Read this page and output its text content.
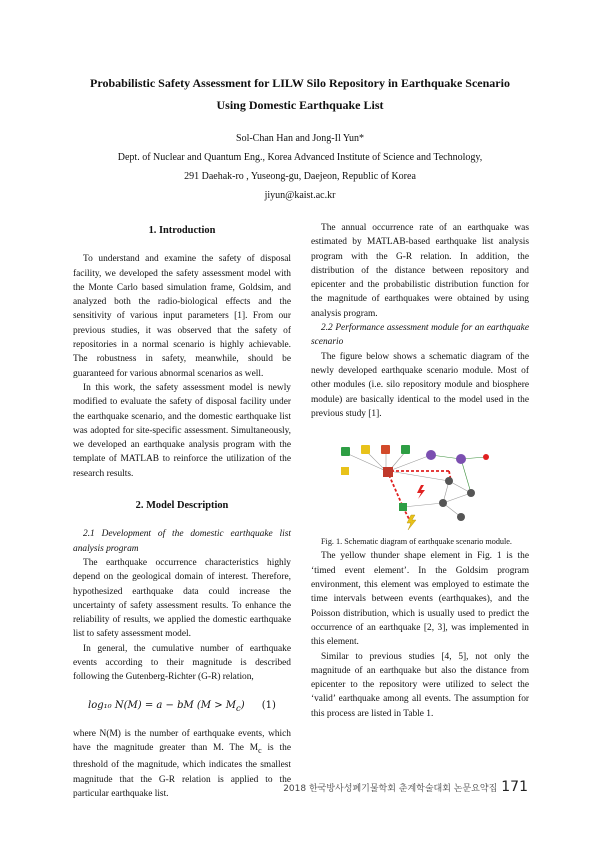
Probabilistic Safety Assessment for LILW Silo Repository in Earthquake Scenario
Using Domestic Earthquake List
Sol-Chan Han and Jong-Il Yun*
Dept. of Nuclear and Quantum Eng., Korea Advanced Institute of Science and Technology,
291 Daehak-ro , Yuseong-gu, Daejeon, Republic of Korea
jiyun@kaist.ac.kr
1. Introduction

To understand and examine the safety of disposal facility, we developed the safety assessment model with the Monte Carlo based simulation frame, Goldsim, and analyzed both the radio-biological effects and the sensitivity of various input parameters [1]. From our previous studies, it was observed that the safety of repositories in a normal scenario is highly achievable. The robustness in safety, meanwhile, should be guaranteed for various abnormal scenarios as well.

In this work, the safety assessment model is newly modified to evaluate the safety of disposal facility under the earthquake scenario, and the domestic earthquake list was adopted for site-specific assessment. Simultaneously, we developed an earthquake analysis program with the template of MATLAB to reinforce the utilization of the research results.

2. Model Description

2.1 Development of the domestic earthquake list analysis program

The earthquake occurrence characteristics highly depend on the geological domain of interest. Therefore, hypothesized earthquake data could increase the uncertainty of safety assessment results. To enhance the reliability of results, we applied the domestic earthquake list to safety assessment model.

In general, the cumulative number of earthquake events according to their magnitude is described following the Gutenberg-Richter (G-R) relation,

log₁₀ N(M) = a − bM $(M > M_c)$ (1)

where N(M) is the number of earthquake events, which have the magnitude greater than M. The $M_c$ is the threshold of the magnitude, which indicates the smallest magnitude that the G-R relation is applied to the particular earthquake list.

The annual occurrence rate of an earthquake was estimated by MATLAB-based earthquake list analysis program with the G-R relation. In addition, the distribution of the distance between repository and epicenter and the probabilistic distribution function for the magnitude of earthquakes were obtained by using analysis program.

2.2 Performance assessment module for an earthquake scenario

The figure below shows a schematic diagram of the newly developed earthquake scenario module. Most of other modules (i.e. silo repository module and biosphere module) are basically identical to the model used in the previous study [1].

Fig. 1. Schematic diagram of earthquake scenario module.

The yellow thunder shape element in Fig. 1 is the ‘timed event element’. In the Goldsim program environment, this element was employed to estimate the time intervals between events (earthquakes), and the Poisson distribution, which is usually used to predict the occurrence of an earthquake [2, 3], was implemented in this element.

Similar to previous studies [4, 5], not only the magnitude of an earthquake but also the distance from epicenter to the repository were utilized to select the ‘valid’ earthquake among all events. The assumption for this process are listed in Table 1.

2018 한국방사성폐기물학회 춘계학술대회 논문요약집 171
